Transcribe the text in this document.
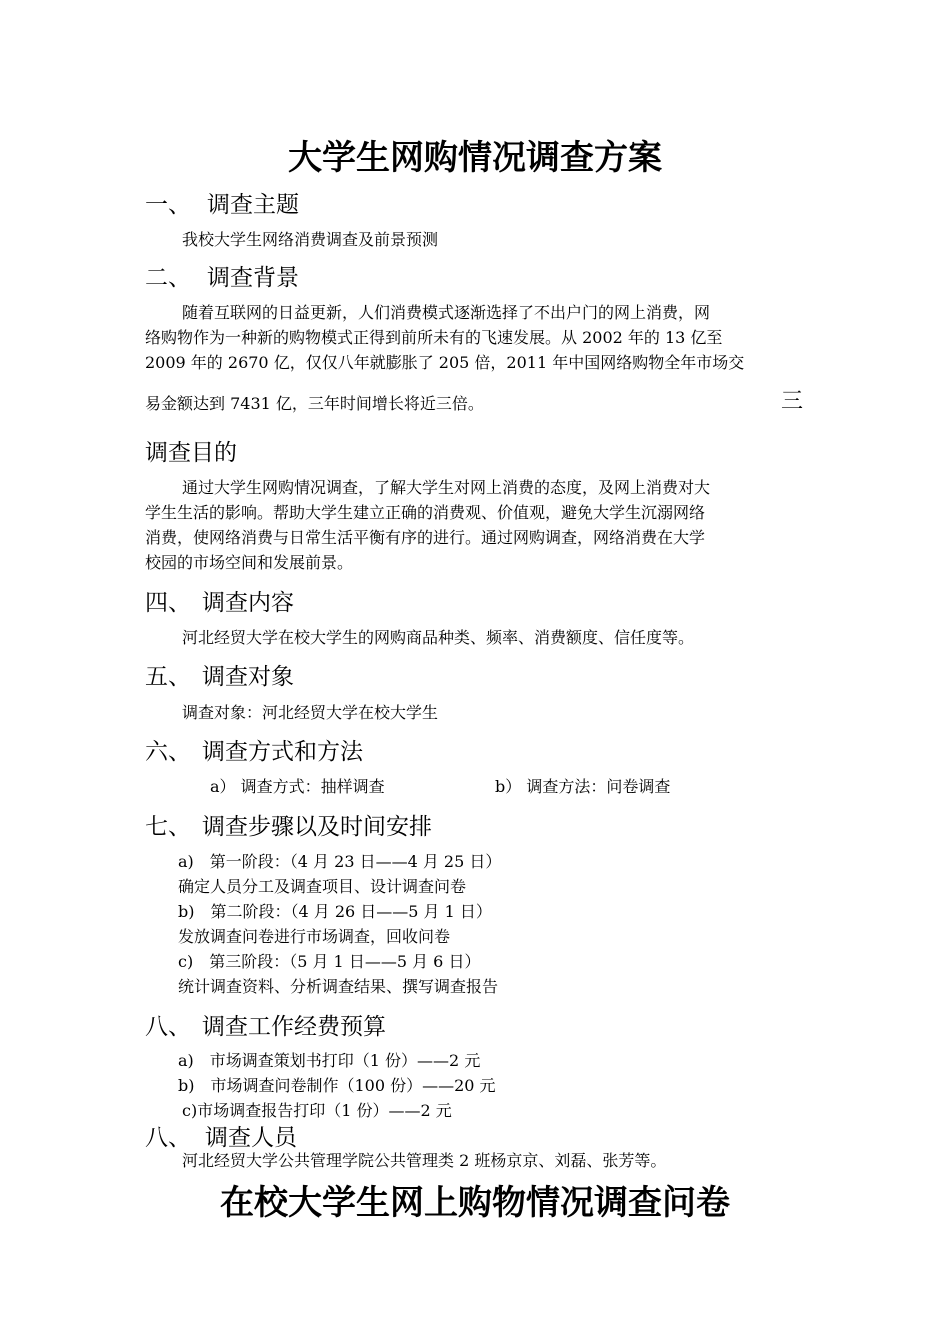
大学生网购情况调查方案
一、 调查主题
我校大学生网络消费调查及前景预测
二、 调查背景
随着互联网的日益更新，人们消费模式逐渐选择了不出户门的网上消费，网
络购物作为一种新的购物模式正得到前所未有的飞速发展。从 2002 年的 13 亿至
2009 年的 2670 亿，仅仅八年就膨胀了 205 倍，2011 年中国网络购物全年市场交
易金额达到 7431 亿，三年时间增长将近三倍。	三
调查目的
通过大学生网购情况调查，了解大学生对网上消费的态度，及网上消费对大
学生生活的影响。帮助大学生建立正确的消费观、价值观，避免大学生沉溺网络
消费，使网络消费与日常生活平衡有序的进行。通过网购调查，网络消费在大学
校园的市场空间和发展前景。
四、 调查内容
河北经贸大学在校大学生的网购商品种类、频率、消费额度、信任度等。
五、 调查对象
调查对象：河北经贸大学在校大学生
六、 调查方式和方法
a） 调查方式：抽样调查	b） 调查方法：问卷调查
七、 调查步骤以及时间安排
a)　第一阶段：（4 月 23 日——4 月 25 日）
确定人员分工及调查项目、设计调查问卷
b)　第二阶段：（4 月 26 日——5 月 1 日）
发放调查问卷进行市场调查，回收问卷
c)　第三阶段：（5 月 1 日——5 月 6 日）
统计调查资料、分析调查结果、撰写调查报告
八、 调查工作经费预算
a)　市场调查策划书打印（1 份）——2 元
b)　市场调查问卷制作（100 份）——20 元
c)市场调查报告打印（1 份）——2 元
八、 调查人员
河北经贸大学公共管理学院公共管理类 2 班杨京京、刘磊、张芳等。
在校大学生网上购物情况调查问卷
